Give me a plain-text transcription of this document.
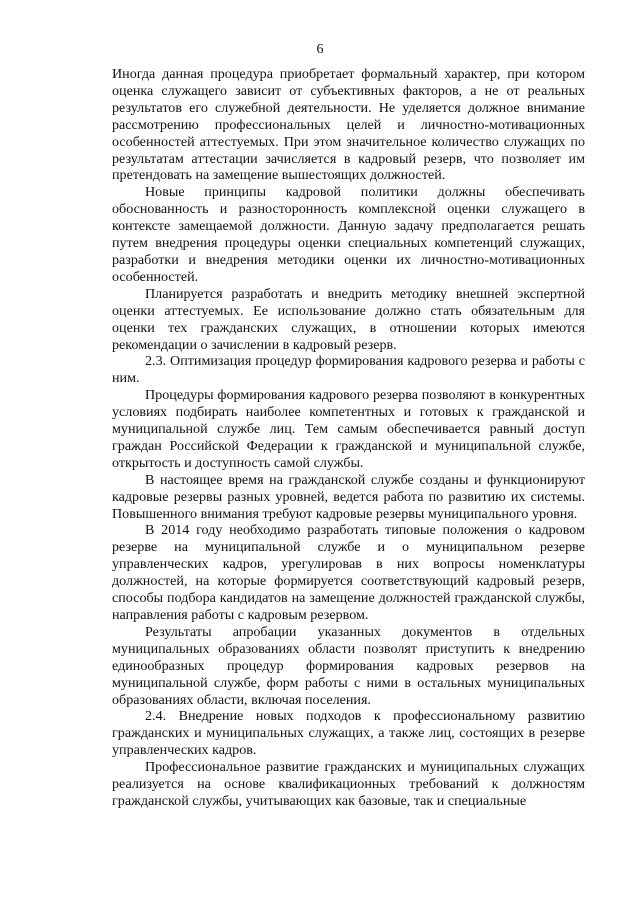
6

Иногда данная процедура приобретает формальный характер, при котором оценка служащего зависит от субъективных факторов, а не от реальных результатов его служебной деятельности. Не уделяется должное внимание рассмотрению профессиональных целей и личностно-мотивационных особенностей аттестуемых. При этом значительное количество служащих по результатам аттестации зачисляется в кадровый резерв, что позволяет им претендовать на замещение вышестоящих должностей.

Новые принципы кадровой политики должны обеспечивать обоснованность и разносторонность комплексной оценки служащего в контексте замещаемой должности. Данную задачу предполагается решать путем внедрения процедуры оценки специальных компетенций служащих, разработки и внедрения методики оценки их личностно-мотивационных особенностей.

Планируется разработать и внедрить методику внешней экспертной оценки аттестуемых. Ее использование должно стать обязательным для оценки тех гражданских служащих, в отношении которых имеются рекомендации о зачислении в кадровый резерв.

2.3. Оптимизация процедур формирования кадрового резерва и работы с ним.

Процедуры формирования кадрового резерва позволяют в конкурентных условиях подбирать наиболее компетентных и готовых к гражданской и муниципальной службе лиц. Тем самым обеспечивается равный доступ граждан Российской Федерации к гражданской и муниципальной службе, открытость и доступность самой службы.

В настоящее время на гражданской службе созданы и функционируют кадровые резервы разных уровней, ведется работа по развитию их системы. Повышенного внимания требуют кадровые резервы муниципального уровня.

В 2014 году необходимо разработать типовые положения о кадровом резерве на муниципальной службе и о муниципальном резерве управленческих кадров, урегулировав в них вопросы номенклатуры должностей, на которые формируется соответствующий кадровый резерв, способы подбора кандидатов на замещение должностей гражданской службы, направления работы с кадровым резервом.

Результаты апробации указанных документов в отдельных муниципальных образованиях области позволят приступить к внедрению единообразных процедур формирования кадровых резервов на муниципальной службе, форм работы с ними в остальных муниципальных образованиях области, включая поселения.

2.4. Внедрение новых подходов к профессиональному развитию гражданских и муниципальных служащих, а также лиц, состоящих в резерве управленческих кадров.

Профессиональное развитие гражданских и муниципальных служащих реализуется на основе квалификационных требований к должностям гражданской службы, учитывающих как базовые, так и специальные
